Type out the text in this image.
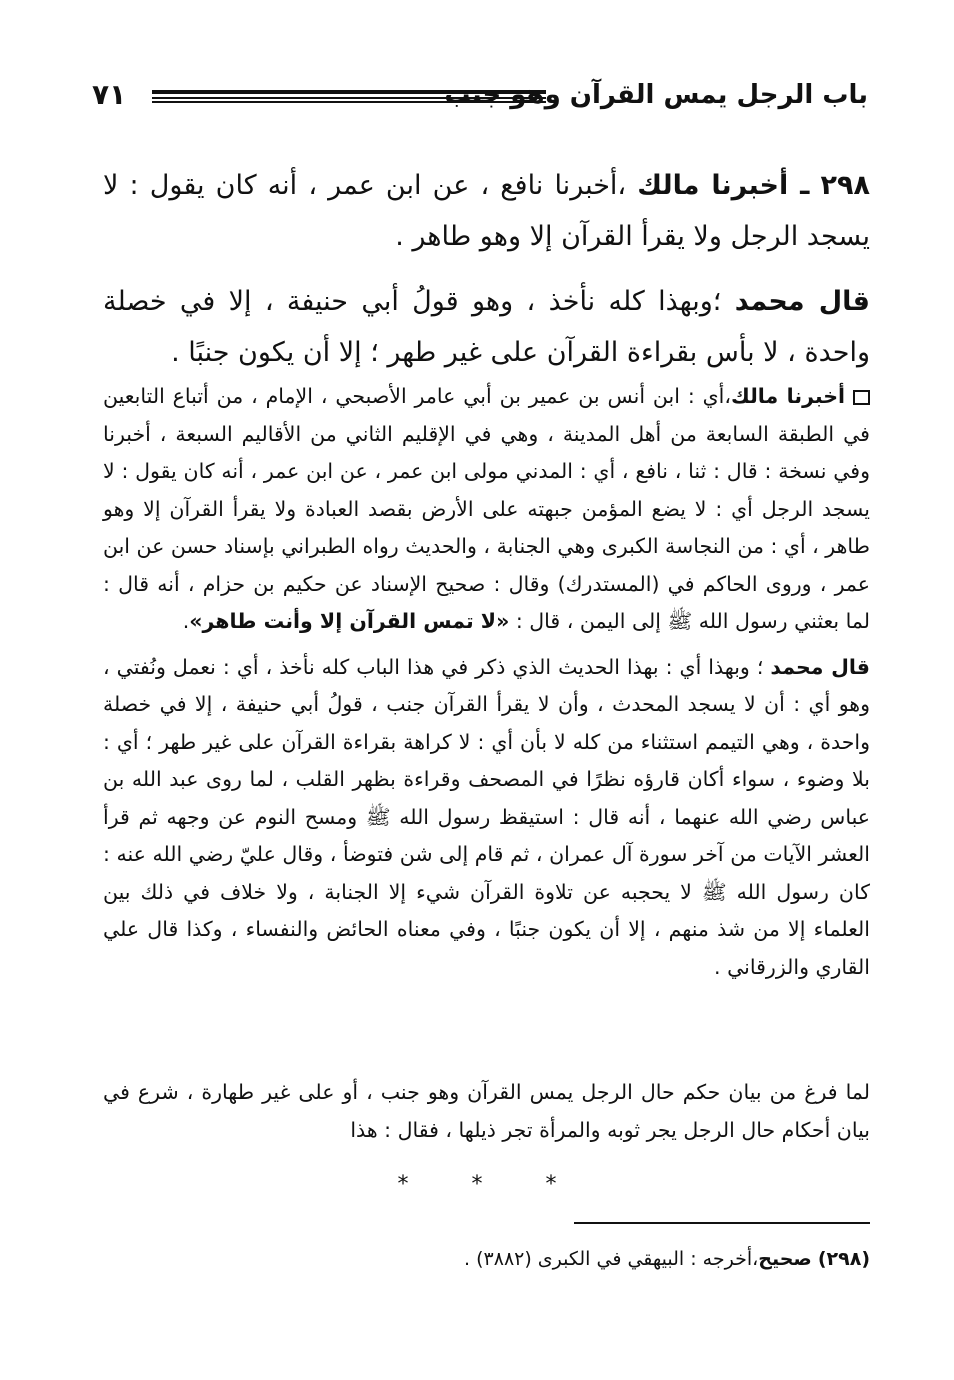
باب الرجل يمس القرآن وهو جنب
٧١

٢٩٨ ـ أخبرنا مالك ،أخبرنا نافع ، عن ابن عمر ، أنه كان يقول : لا يسجد الرجل ولا يقرأ القرآن إلا وهو طاهر .

قال محمد ؛وبهذا كله نأخذ ، وهو قولُ أبي حنيفة ، إلا في خصلة واحدة ، لا بأس بقراءة القرآن على غير طهر ؛ إلا أن يكون جنبًا .

أخبرنا مالك،أي : ابن أنس بن عمير بن أبي عامر الأصبحي ، الإمام ، من أتباع التابعين في الطبقة السابعة من أهل المدينة ، وهي في الإقليم الثاني من الأقاليم السبعة ، أخبرنا وفي نسخة : قال : ثنا ، نافع ، أي : المدني مولى ابن عمر ، عن ابن عمر ، أنه كان يقول : لا يسجد الرجل أي : لا يضع المؤمن جبهته على الأرض بقصد العبادة ولا يقرأ القرآن إلا وهو طاهر ، أي : من النجاسة الكبرى وهي الجنابة ، والحديث رواه الطبراني بإسناد حسن عن ابن عمر ، وروى الحاكم في (المستدرك) وقال : صحيح الإسناد عن حكيم بن حزام ، أنه قال : لما بعثني رسول الله ﷺ إلى اليمن ، قال : «لا تمس القرآن إلا وأنت طاهر».

قال محمد ؛ وبهذا أي : بهذا الحديث الذي ذكر في هذا الباب كله نأخذ ، أي : نعمل ونُفتي ، وهو أي : أن لا يسجد المحدث ، وأن لا يقرأ القرآن جنب ، قولُ أبي حنيفة ، إلا في خصلة واحدة ، وهي التيمم استثناء من كله لا بأن أي : لا كراهة بقراءة القرآن على غير طهر ؛ أي : بلا وضوء ، سواء أكان قارؤه نظرًا في المصحف وقراءة بظهر القلب ، لما روى عبد الله بن عباس رضي الله عنهما ، أنه قال : استيقظ رسول الله ﷺ ومسح النوم عن وجهه ثم قرأ العشر الآيات من آخر سورة آل عمران ، ثم قام إلى شن فتوضأ ، وقال عليّ رضي الله عنه : كان رسول الله ﷺ لا يحجبه عن تلاوة القرآن شيء إلا الجنابة ، ولا خلاف في ذلك بين العلماء إلا من شذ منهم ، إلا أن يكون جنبًا ، وفي معناه الحائض والنفساء ، وكذا قال علي القاري والزرقاني .

لما فرغ من بيان حكم حال الرجل يمس القرآن وهو جنب ، أو على غير طهارة ، شرع في بيان أحكام حال الرجل يجر ثوبه والمرأة تجر ذيلها ، فقال : هذا

*	*	*
(٢٩٨) صحيح،أخرجه : البيهقي في الكبرى (٣٨٨٢) .
